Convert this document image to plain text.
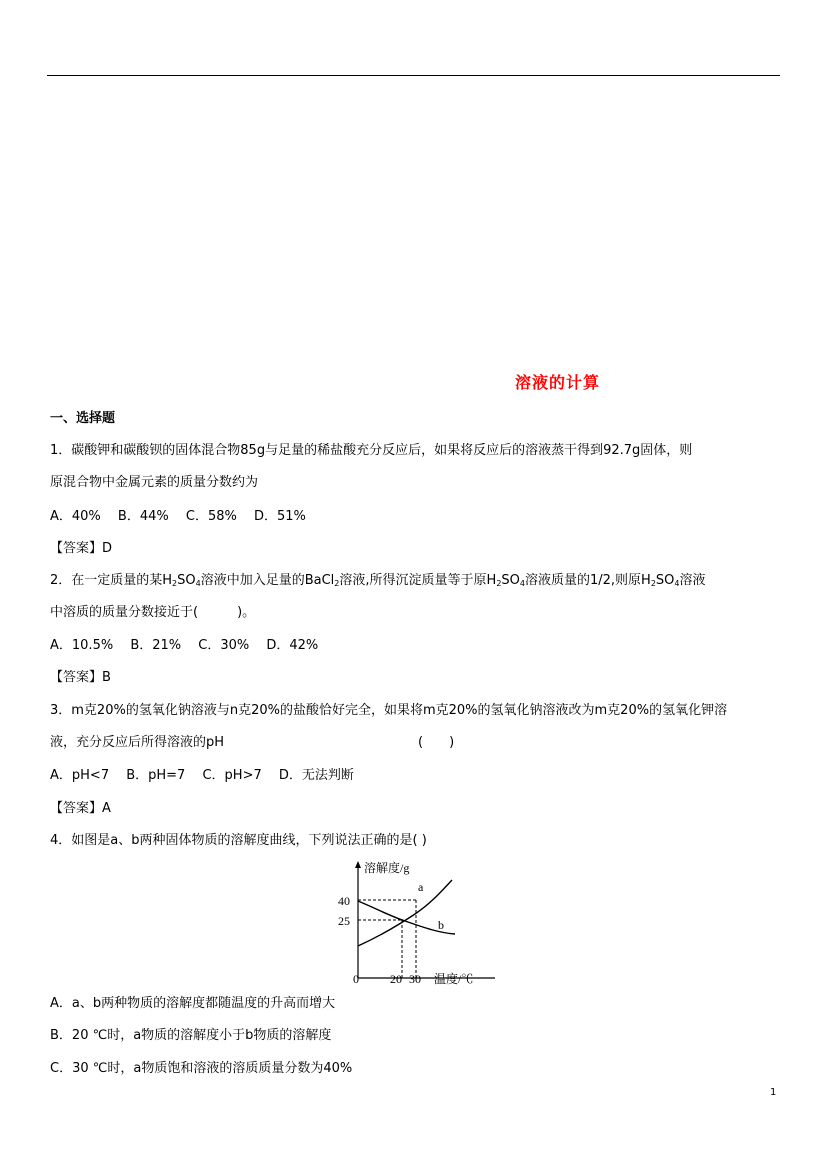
溶液的计算
一、选择题
1．碳酸钾和碳酸钡的固体混合物85g与足量的稀盐酸充分反应后，如果将反应后的溶液蒸干得到92.7g固体，则
原混合物中金属元素的质量分数约为
A．40%　 B．44%　 C．58%　 D．51%
【答案】D
2．在一定质量的某$H_2SO_4$溶液中加入足量的BaCl$_2$溶液,所得沉淀质量等于原$H_2SO_4$溶液质量的1/2,则原$H_2SO_4$溶液
中溶质的质量分数接近于(　　　)。
A．10.5%　 B．21%　 C．30%　 D．42%
【答案】B
3．m克20%的氢氧化钠溶液与n克20%的盐酸恰好完全，如果将m克20%的氢氧化钠溶液改为m克20%的氢氧化钾溶
液，充分反应后所得溶液的pH	(　　)
A．pH<7　 B．pH=7　 C．pH>7　 D．无法判断
【答案】A
4．如图是a、b两种固体物质的溶解度曲线，下列说法正确的是( )
溶解度/g
40
25
0	20 30 温度/℃
a
b
A．a、b两种物质的溶解度都随温度的升高而增大
B．20 ℃时，a物质的溶解度小于b物质的溶解度
C．30 ℃时，a物质饱和溶液的溶质质量分数为40%
1
